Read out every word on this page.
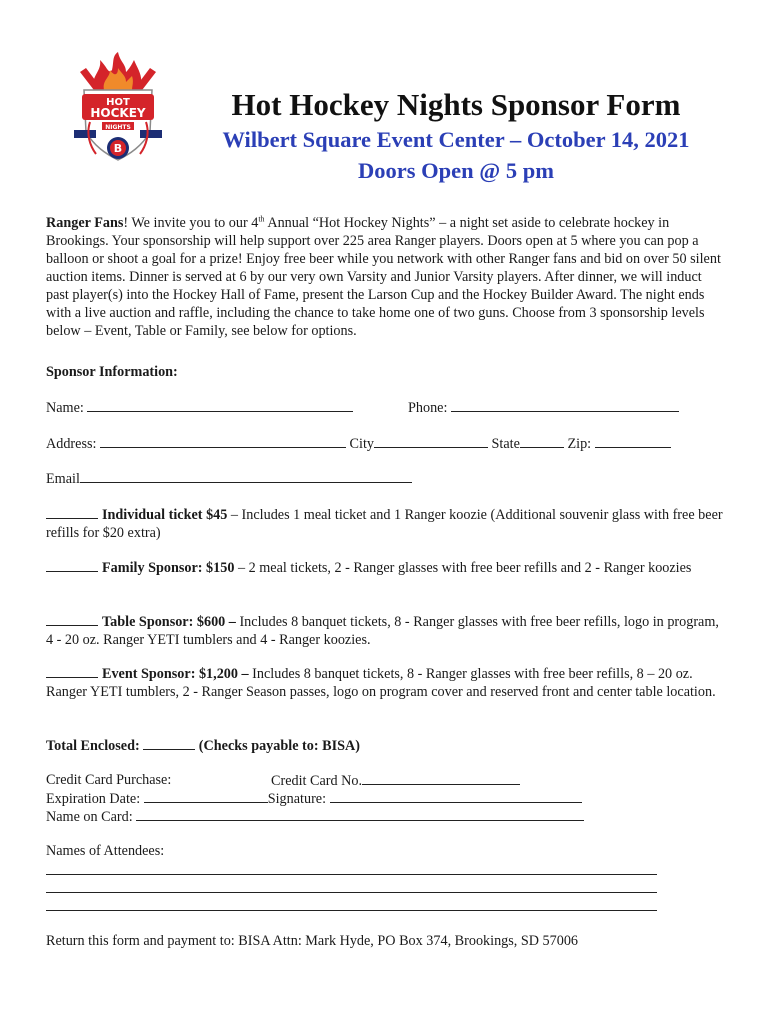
HOT
HOCKEY
NIGHTS
B
Hot Hockey Nights Sponsor Form
Wilbert Square Event Center – October 14, 2021
Doors Open @ 5 pm
Ranger Fans! We invite you to our 4th Annual “Hot Hockey Nights” – a night set aside to celebrate hockey in Brookings. Your sponsorship will help support over 225 area Ranger players. Doors open at 5 where you can pop a balloon or shoot a goal for a prize! Enjoy free beer while you network with other Ranger fans and bid on over 50 silent auction items. Dinner is served at 6 by our very own Varsity and Junior Varsity players. After dinner, we will induct past player(s) into the Hockey Hall of Fame, present the Larson Cup and the Hockey Builder Award. The night ends with a live auction and raffle, including the chance to take home one of two guns. Choose from 3 sponsorship levels below – Event, Table or Family, see below for options.
Sponsor Information:
Name:	Phone:
Address:	City	State	Zip:
Email
Individual ticket $45 – Includes 1 meal ticket and 1 Ranger koozie (Additional souvenir glass with free beer refills for $20 extra)
Family Sponsor: $150 – 2 meal tickets, 2 - Ranger glasses with free beer refills and 2 - Ranger koozies
Table Sponsor: $600 – Includes 8 banquet tickets, 8 - Ranger glasses with free beer refills, logo in program, 4 - 20 oz. Ranger YETI tumblers and 4 - Ranger koozies.
Event Sponsor: $1,200 – Includes 8 banquet tickets, 8 - Ranger glasses with free beer refills, 8 – 20 oz. Ranger YETI tumblers, 2 - Ranger Season passes, logo on program cover and reserved front and center table location.
Total Enclosed:	(Checks payable to: BISA)
Credit Card Purchase:	Credit Card No.
Expiration Date:	Signature:
Name on Card:
Names of Attendees:
Return this form and payment to: BISA Attn: Mark Hyde, PO Box 374, Brookings, SD 57006
